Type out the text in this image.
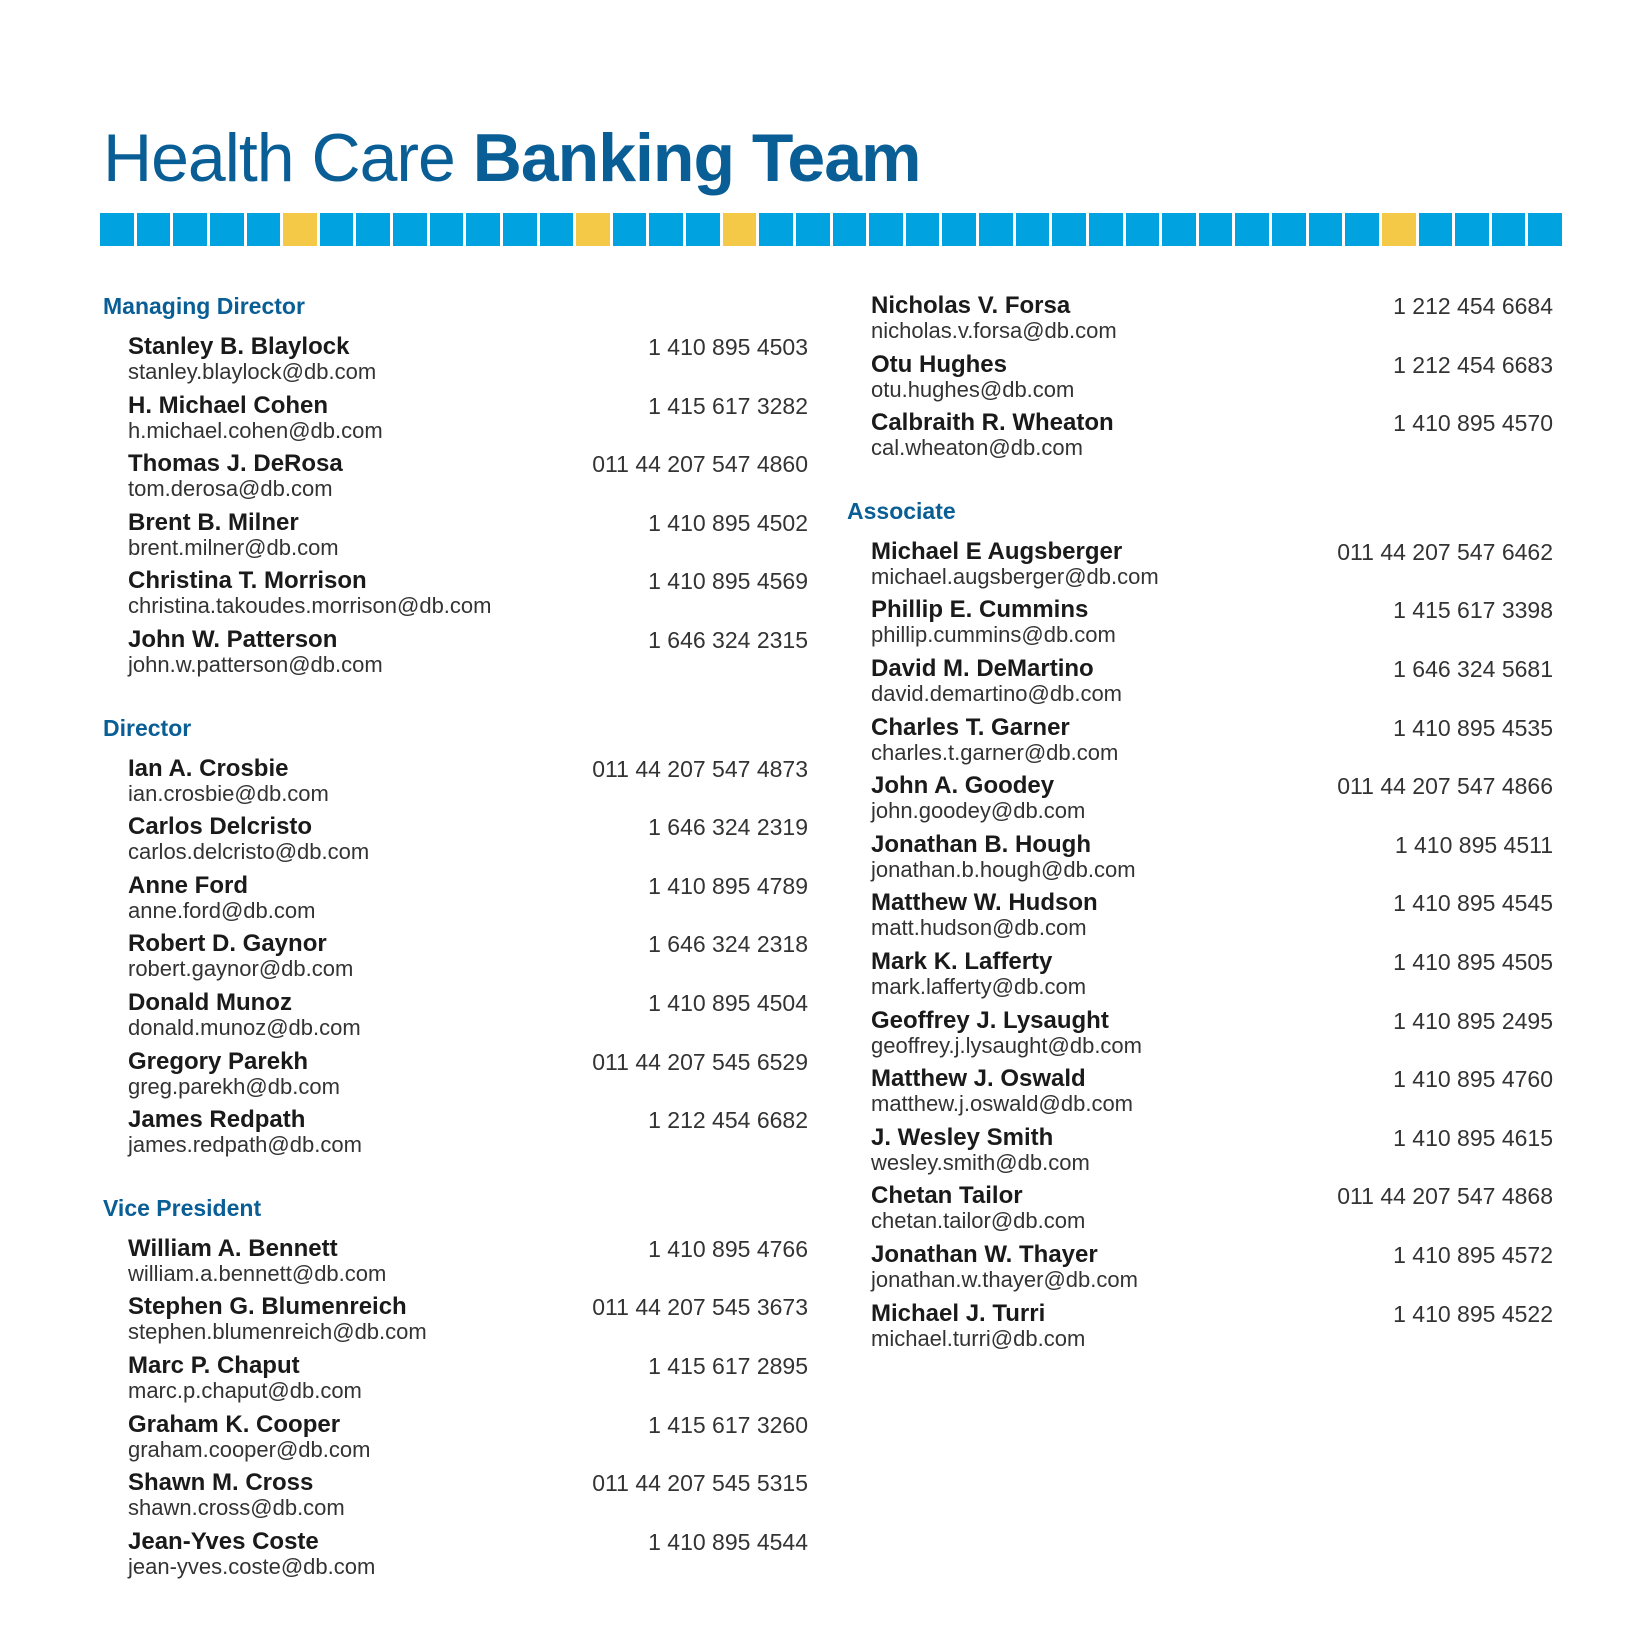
Health Care Banking Team
Managing Director
Stanley B. Blaylock
stanley.blaylock@db.com
1 410 895 4503
H. Michael Cohen
h.michael.cohen@db.com
1 415 617 3282
Thomas J. DeRosa
tom.derosa@db.com
011 44 207 547 4860
Brent B. Milner
brent.milner@db.com
1 410 895 4502
Christina T. Morrison
christina.takoudes.morrison@db.com
1 410 895 4569
John W. Patterson
john.w.patterson@db.com
1 646 324 2315
Director
Ian A. Crosbie
ian.crosbie@db.com
011 44 207 547 4873
Carlos Delcristo
carlos.delcristo@db.com
1 646 324 2319
Anne Ford
anne.ford@db.com
1 410 895 4789
Robert D. Gaynor
robert.gaynor@db.com
1 646 324 2318
Donald Munoz
donald.munoz@db.com
1 410 895 4504
Gregory Parekh
greg.parekh@db.com
011 44 207 545 6529
James Redpath
james.redpath@db.com
1 212 454 6682
Vice President
William A. Bennett
william.a.bennett@db.com
1 410 895 4766
Stephen G. Blumenreich
stephen.blumenreich@db.com
011 44 207 545 3673
Marc P. Chaput
marc.p.chaput@db.com
1 415 617 2895
Graham K. Cooper
graham.cooper@db.com
1 415 617 3260
Shawn M. Cross
shawn.cross@db.com
011 44 207 545 5315
Jean-Yves Coste
jean-yves.coste@db.com
1 410 895 4544
Nicholas V. Forsa
nicholas.v.forsa@db.com
1 212 454 6684
Otu Hughes
otu.hughes@db.com
1 212 454 6683
Calbraith R. Wheaton
cal.wheaton@db.com
1 410 895 4570
Associate
Michael E Augsberger
michael.augsberger@db.com
011 44 207 547 6462
Phillip E. Cummins
phillip.cummins@db.com
1 415 617 3398
David M. DeMartino
david.demartino@db.com
1 646 324 5681
Charles T. Garner
charles.t.garner@db.com
1 410 895 4535
John A. Goodey
john.goodey@db.com
011 44 207 547 4866
Jonathan B. Hough
jonathan.b.hough@db.com
1 410 895 4511
Matthew W. Hudson
matt.hudson@db.com
1 410 895 4545
Mark K. Lafferty
mark.lafferty@db.com
1 410 895 4505
Geoffrey J. Lysaught
geoffrey.j.lysaught@db.com
1 410 895 2495
Matthew J. Oswald
matthew.j.oswald@db.com
1 410 895 4760
J. Wesley Smith
wesley.smith@db.com
1 410 895 4615
Chetan Tailor
chetan.tailor@db.com
011 44 207 547 4868
Jonathan W. Thayer
jonathan.w.thayer@db.com
1 410 895 4572
Michael J. Turri
michael.turri@db.com
1 410 895 4522
